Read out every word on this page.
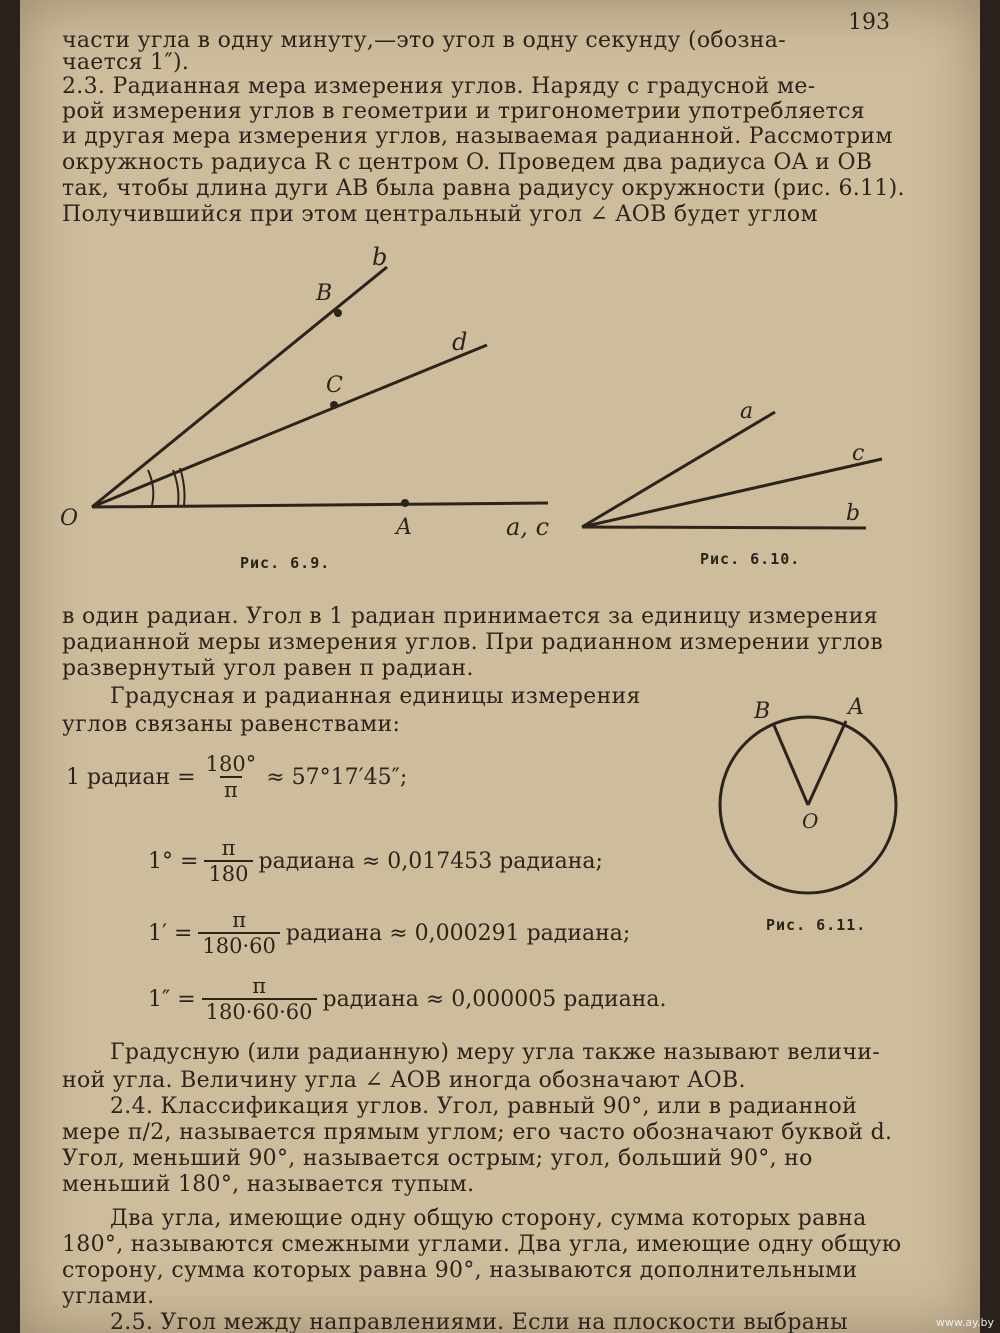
193
части угла в одну минуту,—это угол в одну секунду (обозна-
чается 1″).
2.3. Радианная мера измерения углов. Наряду с градусной ме-
рой измерения углов в геометрии и тригонометрии употребляется
и другая мера измерения углов, называемая радианной. Рассмотрим
окружность радиуса R с центром O. Проведем два радиуса OA и OB
так, чтобы длина дуги AB была равна радиусу окружности (рис. 6.11).
Получившийся при этом центральный угол ∠ AOB будет углом
O	A
B
C
b
d
a, c
a
c
b
Рис. 6.9.	Рис. 6.10.
в один радиан. Угол в 1 радиан принимается за единицу измерения
радианной меры измерения углов. При радианном измерении углов
развернутый угол равен π радиан.
Градусная и радианная единицы измерения
углов связаны равенствами:
1 радиан = $\frac{180^\circ}{\pi} \approx 57^\circ 17'45''$;
$1^\circ = \frac{\pi}{180}$ радиана ≈ 0,017453 радиана;
$1' = \frac{\pi}{180\cdot 60}$ радиана ≈ 0,000291 радиана;
$1'' = \frac{\pi}{180\cdot 60\cdot 60}$ радиана ≈ 0,000005 радиана.
B	A
O
Рис. 6.11.
Градусную (или радианную) меру угла также называют величи-
ной угла. Величину угла ∠ AOB иногда обозначают AOB.
2.4. Классификация углов. Угол, равный 90°, или в радианной
мере π/2, называется прямым углом; его часто обозначают буквой d.
Угол, меньший 90°, называется острым; угол, больший 90°, но
меньший 180°, называется тупым.
Два угла, имеющие одну общую сторону, сумма которых равна
180°, называются смежными углами. Два угла, имеющие одну общую
сторону, сумма которых равна 90°, называются дополнительными
углами.
2.5. Угол между направлениями. Если на плоскости выбраны	www.ay.by
